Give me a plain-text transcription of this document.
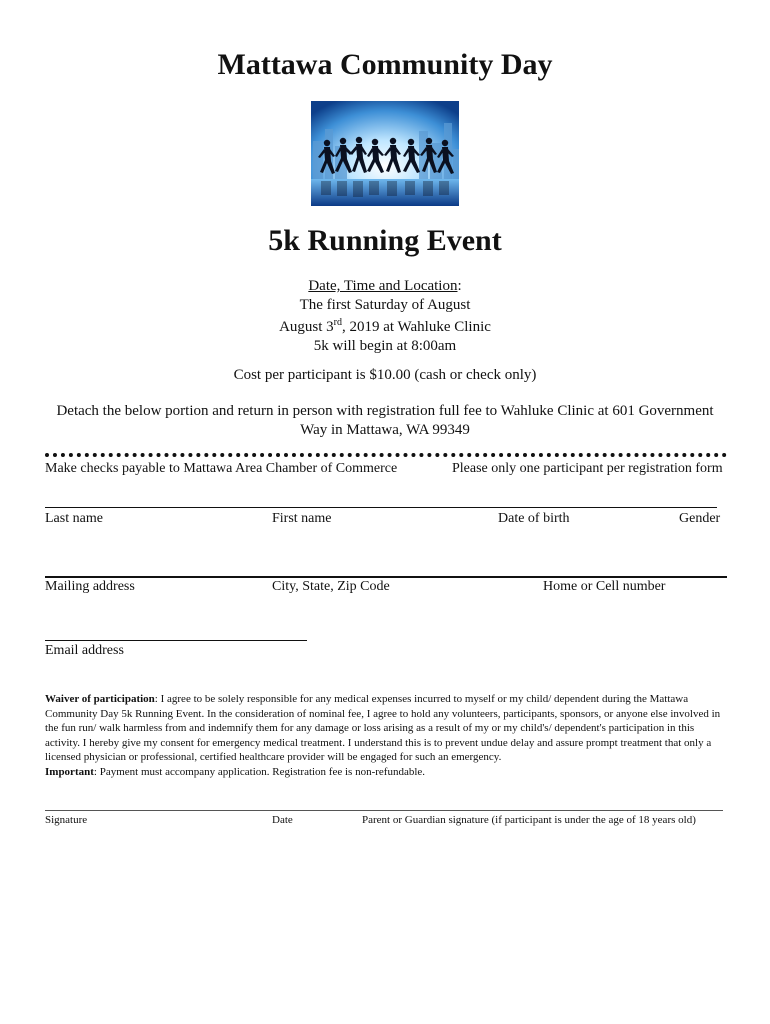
Mattawa Community Day
5k Running Event
Date, Time and Location:
The first Saturday of August
August 3rd, 2019 at Wahluke Clinic
5k will begin at 8:00am
Cost per participant is $10.00 (cash or check only)
Detach the below portion and return in person with registration full fee to Wahluke Clinic at 601 Government Way in Mattawa, WA 99349
Make checks payable to Mattawa Area Chamber of Commerce	Please only one participant per registration form
Last name	First name	Date of birth	Gender
Mailing address	City, State, Zip Code	Home or Cell number
Email address
Waiver of participation: I agree to be solely responsible for any medical expenses incurred to myself or my child/ dependent during the Mattawa Community Day 5k Running Event. In the consideration of nominal fee, I agree to hold any volunteers, participants, sponsors, or anyone else involved in the fun run/ walk harmless from and indemnify them for any damage or loss arising as a result of my or my child's/ dependent's participation in this activity. I hereby give my consent for emergency medical treatment. I understand this is to prevent undue delay and assure prompt treatment that only a licensed physician or professional, certified healthcare provider will be engaged for such an emergency.
Important: Payment must accompany application. Registration fee is non-refundable.
Signature	Date	Parent or Guardian signature (if participant is under the age of 18 years old)
